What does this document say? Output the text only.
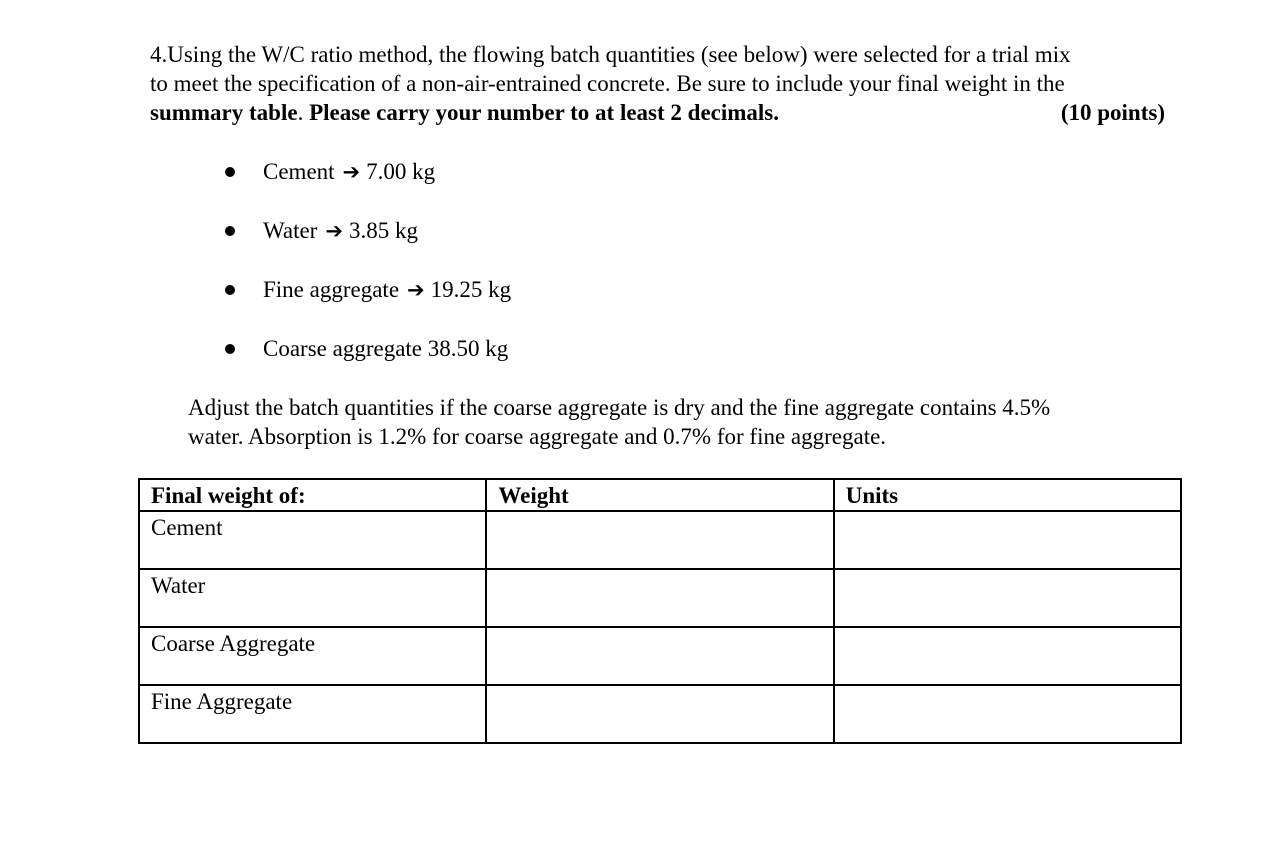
4.Using the W/C ratio method, the flowing batch quantities (see below) were selected for a trial mix

to meet the specification of a non-air-entrained concrete. Be sure to include your final weight in the

summary table. Please carry your number to at least 2 decimals.	(10 points)

Cement ➔ 7.00 kg
Water ➔ 3.85 kg
Fine aggregate ➔ 19.25 kg
Coarse aggregate 38.50 kg
Adjust the batch quantities if the coarse aggregate is dry and the fine aggregate contains 4.5%
water. Absorption is 1.2% for coarse aggregate and 0.7% for fine aggregate.
Final weight of:	Weight	Units
Cement		
Water		
Coarse Aggregate		
Fine Aggregate		
